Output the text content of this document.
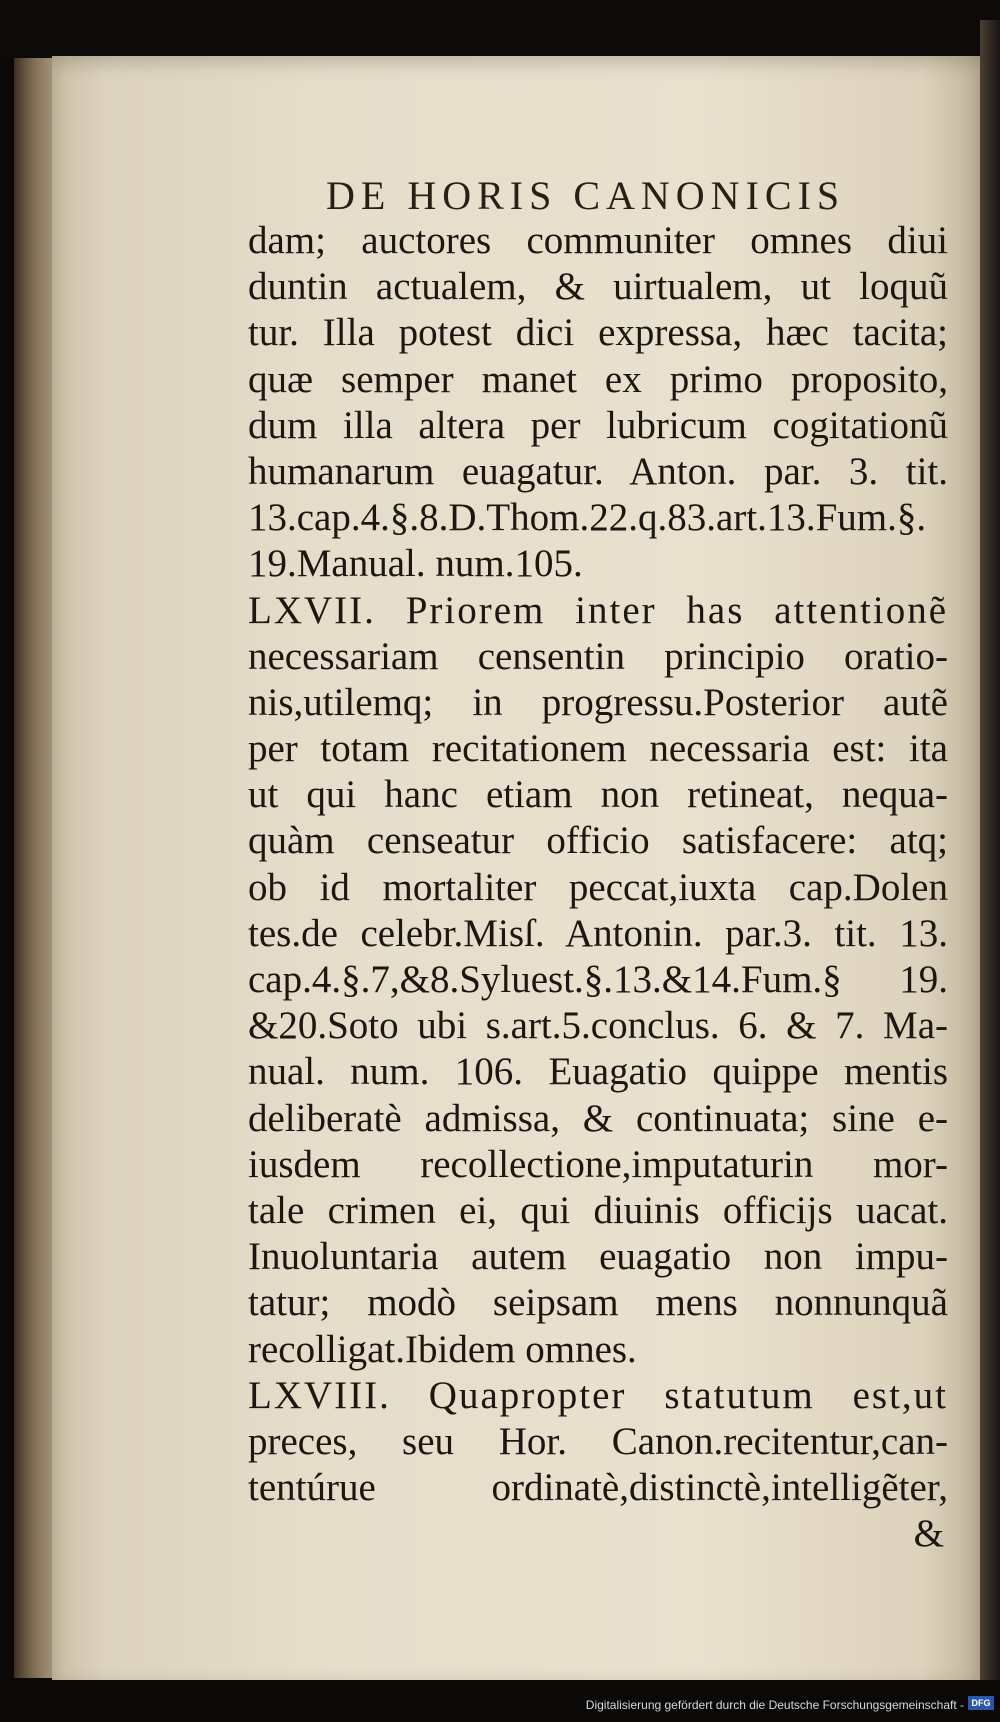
DE HORIS CANONICIS
dam; auctores communiter omnes diui
duntin actualem, & uirtualem, ut loquũ
tur. Illa potest dici expressa, hæc tacita;
quæ semper manet ex primo proposito,
dum illa altera per lubricum cogitationũ
humanarum euagatur. Anton. par. 3. tit.
13.cap.4.§.8.D.Thom.22.q.83.art.13.Fum.§.
19.Manual. num.105.
LXVII. Priorem inter has attentionẽ
necessariam censentin principio oratio-
nis,utilemq; in progressu.Posterior autẽ
per totam recitationem necessaria est: ita
ut qui hanc etiam non retineat, nequa-
quàm censeatur officio satisfacere: atq;
ob id mortaliter peccat,iuxta cap.Dolen
tes.de celebr.Misſ. Antonin. par.3. tit. 13.
cap.4.§.7,&8.Syluest.§.13.&14.Fum.§ 19.
&20.Soto ubi s.art.5.conclus. 6. & 7. Ma-
nual. num. 106. Euagatio quippe mentis
deliberatè admissa, & continuata; sine e-
iusdem recollectione,imputaturin mor-
tale crimen ei, qui diuinis officijs uacat.
Inuoluntaria autem euagatio non impu-
tatur; modò seipsam mens nonnunquã
recolligat.Ibidem omnes.
LXVIII. Quapropter statutum est,ut
preces, seu Hor. Canon.recitentur,can-
tentúrue ordinatè,distinctè,intelligẽter,
&
Digitalisierung gefördert durch die Deutsche Forschungsgemeinschaft - DFG
